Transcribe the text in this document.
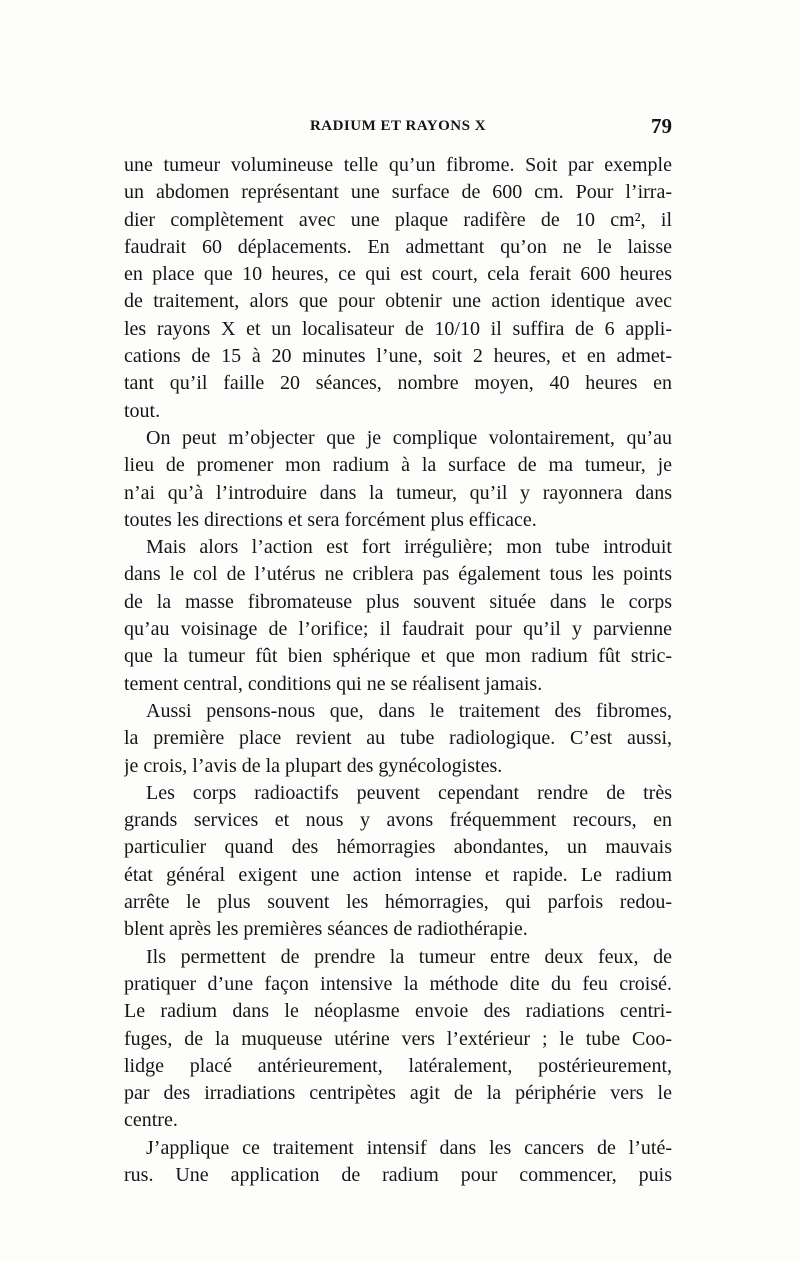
RADIUM ET RAYONS X	79

une tumeur volumineuse telle qu’un fibrome. Soit par exemple
un abdomen représentant une surface de 600 cm. Pour l’irra-
dier complètement avec une plaque radifère de 10 cm², il
faudrait 60 déplacements. En admettant qu’on ne le laisse
en place que 10 heures, ce qui est court, cela ferait 600 heures
de traitement, alors que pour obtenir une action identique avec
les rayons X et un localisateur de 10/10 il suffira de 6 appli-
cations de 15 à 20 minutes l’une, soit 2 heures, et en admet-
tant qu’il faille 20 séances, nombre moyen, 40 heures en
tout.

On peut m’objecter que je complique volontairement, qu’au
lieu de promener mon radium à la surface de ma tumeur, je
n’ai qu’à l’introduire dans la tumeur, qu’il y rayonnera dans
toutes les directions et sera forcément plus efficace.

Mais alors l’action est fort irrégulière; mon tube introduit
dans le col de l’utérus ne criblera pas également tous les points
de la masse fibromateuse plus souvent située dans le corps
qu’au voisinage de l’orifice; il faudrait pour qu’il y parvienne
que la tumeur fût bien sphérique et que mon radium fût stric-
tement central, conditions qui ne se réalisent jamais.

Aussi pensons-nous que, dans le traitement des fibromes,
la première place revient au tube radiologique. C’est aussi,
je crois, l’avis de la plupart des gynécologistes.

Les corps radioactifs peuvent cependant rendre de très
grands services et nous y avons fréquemment recours, en
particulier quand des hémorragies abondantes, un mauvais
état général exigent une action intense et rapide. Le radium
arrête le plus souvent les hémorragies, qui parfois redou-
blent après les premières séances de radiothérapie.

Ils permettent de prendre la tumeur entre deux feux, de
pratiquer d’une façon intensive la méthode dite du feu croisé.
Le radium dans le néoplasme envoie des radiations centri-
fuges, de la muqueuse utérine vers l’extérieur ; le tube Coo-
lidge placé antérieurement, latéralement, postérieurement,
par des irradiations centripètes agit de la périphérie vers le
centre.

J’applique ce traitement intensif dans les cancers de l’uté-
rus. Une application de radium pour commencer, puis
